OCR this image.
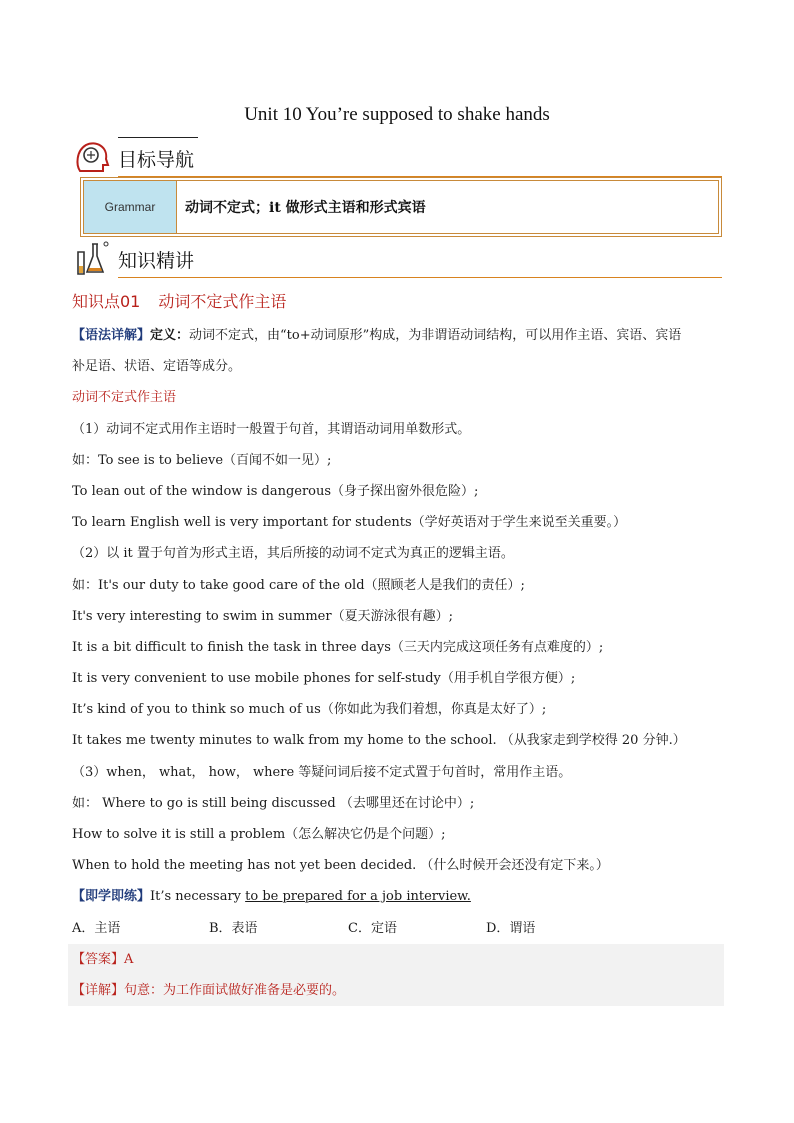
Unit 10 You’re supposed to shake hands
目标导航
Grammar	动词不定式；it 做形式主语和形式宾语
知识精讲
知识点01 动词不定式作主语
【语法详解】定义：动词不定式，由“to+动词原形”构成，为非谓语动词结构，可以用作主语、宾语、宾语
补足语、状语、定语等成分。
动词不定式作主语
（1）动词不定式用作主语时一般置于句首，其谓语动词用单数形式。
如：To see is to believe（百闻不如一见）;
To lean out of the window is dangerous（身子探出窗外很危险）;
To learn English well is very important for students（学好英语对于学生来说至关重要。）
（2）以 it 置于句首为形式主语，其后所接的动词不定式为真正的逻辑主语。
如：It's our duty to take good care of the old（照顾老人是我们的责任）;
It's very interesting to swim in summer（夏天游泳很有趣）;
It is a bit difficult to finish the task in three days（三天内完成这项任务有点难度的）;
It is very convenient to use mobile phones for self-study（用手机自学很方便）;
It’s kind of you to think so much of us（你如此为我们着想，你真是太好了）;
It takes me twenty minutes to walk from my home to the school. （从我家走到学校得 20 分钟.）
（3）when， what， how， where 等疑问词后接不定式置于句首时，常用作主语。
如： Where to go is still being discussed （去哪里还在讨论中）;
How to solve it is still a problem（怎么解决它仍是个问题）;
When to hold the meeting has not yet been decided. （什么时候开会还没有定下来。）
【即学即练】It’s necessary to be prepared for a job interview.
A．主语	B．表语	C．定语	D．谓语
【答案】A
【详解】句意：为工作面试做好准备是必要的。
